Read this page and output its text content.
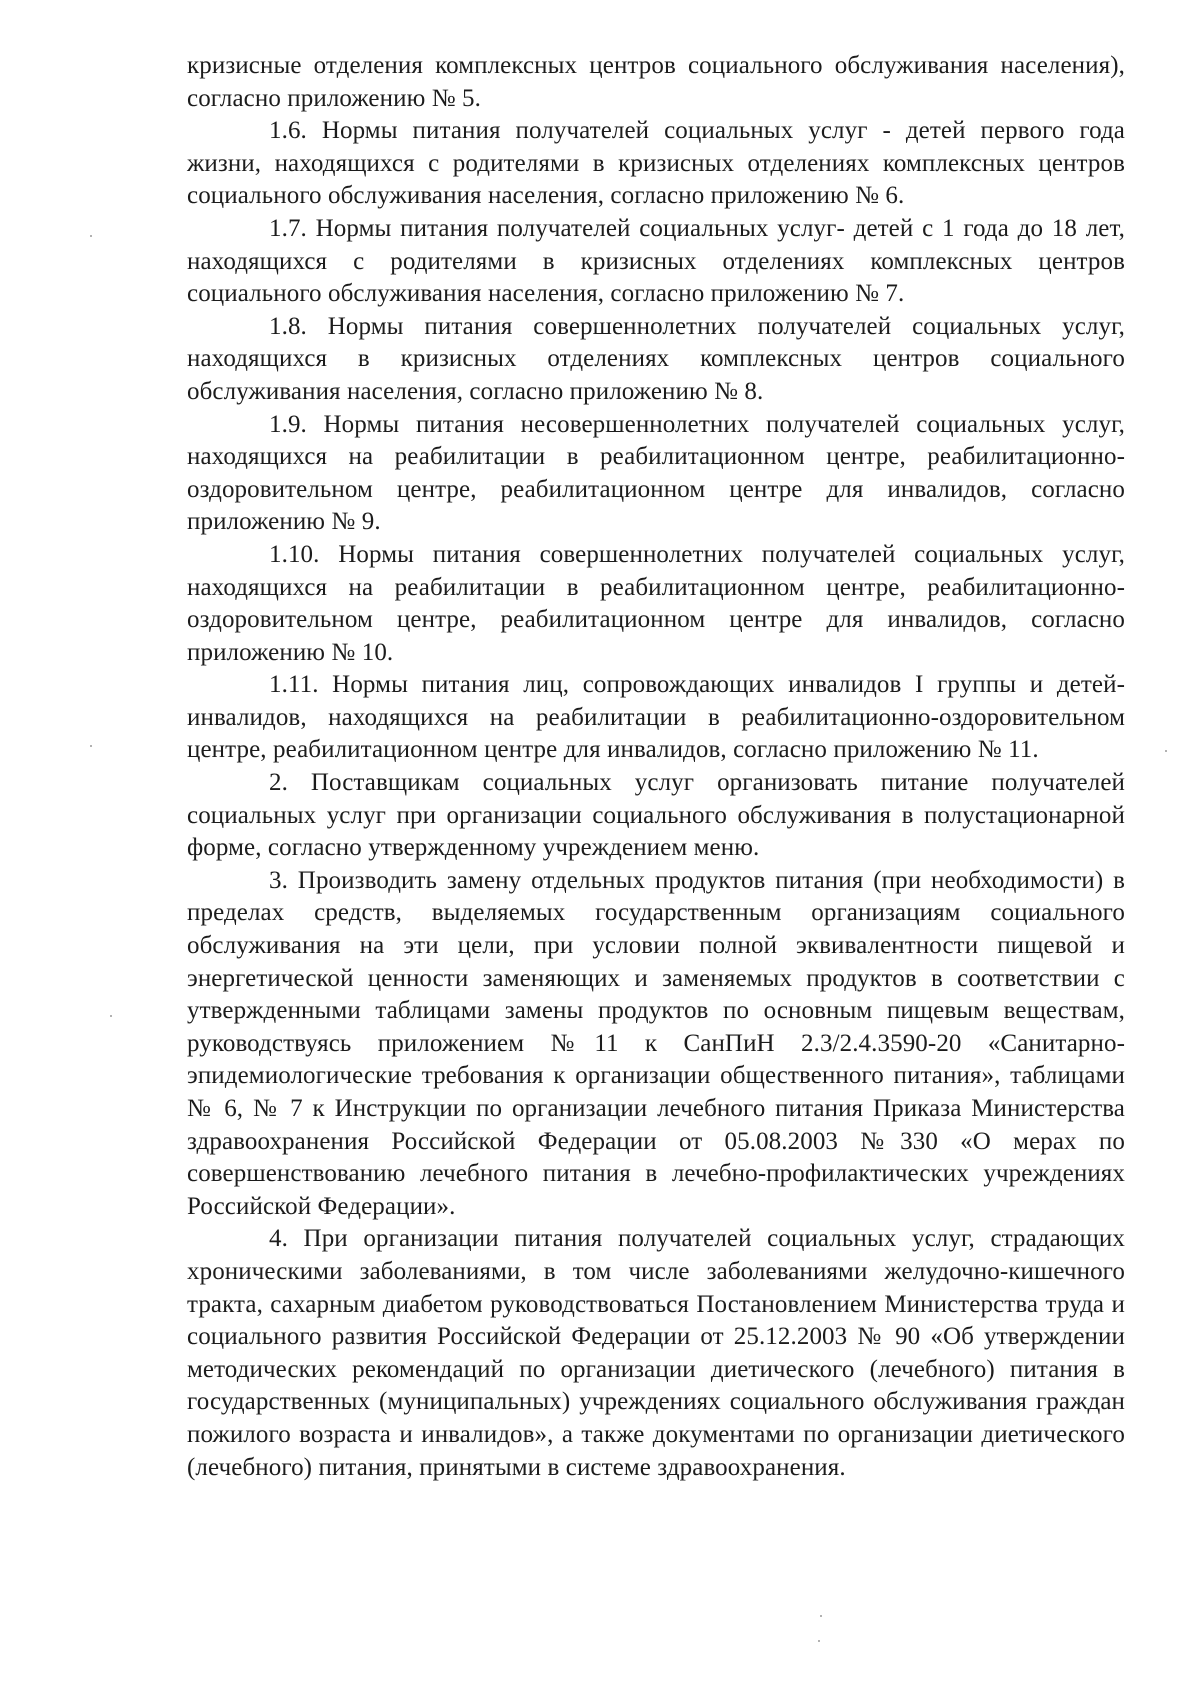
кризисные отделения комплексных центров социального обслуживания населения), согласно приложению № 5.

1.6. Нормы питания получателей социальных услуг - детей первого года жизни, находящихся с родителями в кризисных отделениях комплексных центров социального обслуживания населения, согласно приложению № 6.

1.7. Нормы питания получателей социальных услуг- детей с 1 года до 18 лет, находящихся с родителями в кризисных отделениях комплексных центров социального обслуживания населения, согласно приложению № 7.

1.8. Нормы питания совершеннолетних получателей социальных услуг, находящихся в кризисных отделениях комплексных центров социального обслуживания населения, согласно приложению № 8.

1.9. Нормы питания несовершеннолетних получателей социальных услуг, находящихся на реабилитации в реабилитационном центре, реабилитационно-оздоровительном центре, реабилитационном центре для инвалидов, согласно приложению № 9.

1.10. Нормы питания совершеннолетних получателей социальных услуг, находящихся на реабилитации в реабилитационном центре, реабилитационно-оздоровительном центре, реабилитационном центре для инвалидов, согласно приложению № 10.

1.11. Нормы питания лиц, сопровождающих инвалидов I группы и детей-инвалидов, находящихся на реабилитации в реабилитационно-оздоровительном центре, реабилитационном центре для инвалидов, согласно приложению № 11.

2. Поставщикам социальных услуг организовать питание получателей социальных услуг при организации социального обслуживания в полустационарной форме, согласно утвержденному учреждением меню.

3. Производить замену отдельных продуктов питания (при необходимости) в пределах средств, выделяемых государственным организациям социального обслуживания на эти цели, при условии полной эквивалентности пищевой и энергетической ценности заменяющих и заменяемых продуктов в соответствии с утвержденными таблицами замены продуктов по основным пищевым веществам, руководствуясь приложением №11 к СанПиН 2.3/2.4.3590-20 «Санитарно-эпидемиологические требования к организации общественного питания», таблицами № 6, № 7 к Инструкции по организации лечебного питания Приказа Министерства здравоохранения Российской Федерации от 05.08.2003 №330 «О мерах по совершенствованию лечебного питания в лечебно-профилактических учреждениях Российской Федерации».

4. При организации питания получателей социальных услуг, страдающих хроническими заболеваниями, в том числе заболеваниями желудочно-кишечного тракта, сахарным диабетом руководствоваться Постановлением Министерства труда и социального развития Российской Федерации от 25.12.2003 № 90 «Об утверждении методических рекомендаций по организации диетического (лечебного) питания в государственных (муниципальных) учреждениях социального обслуживания граждан пожилого возраста и инвалидов», а также документами по организации диетического (лечебного) питания, принятыми в системе здравоохранения.
